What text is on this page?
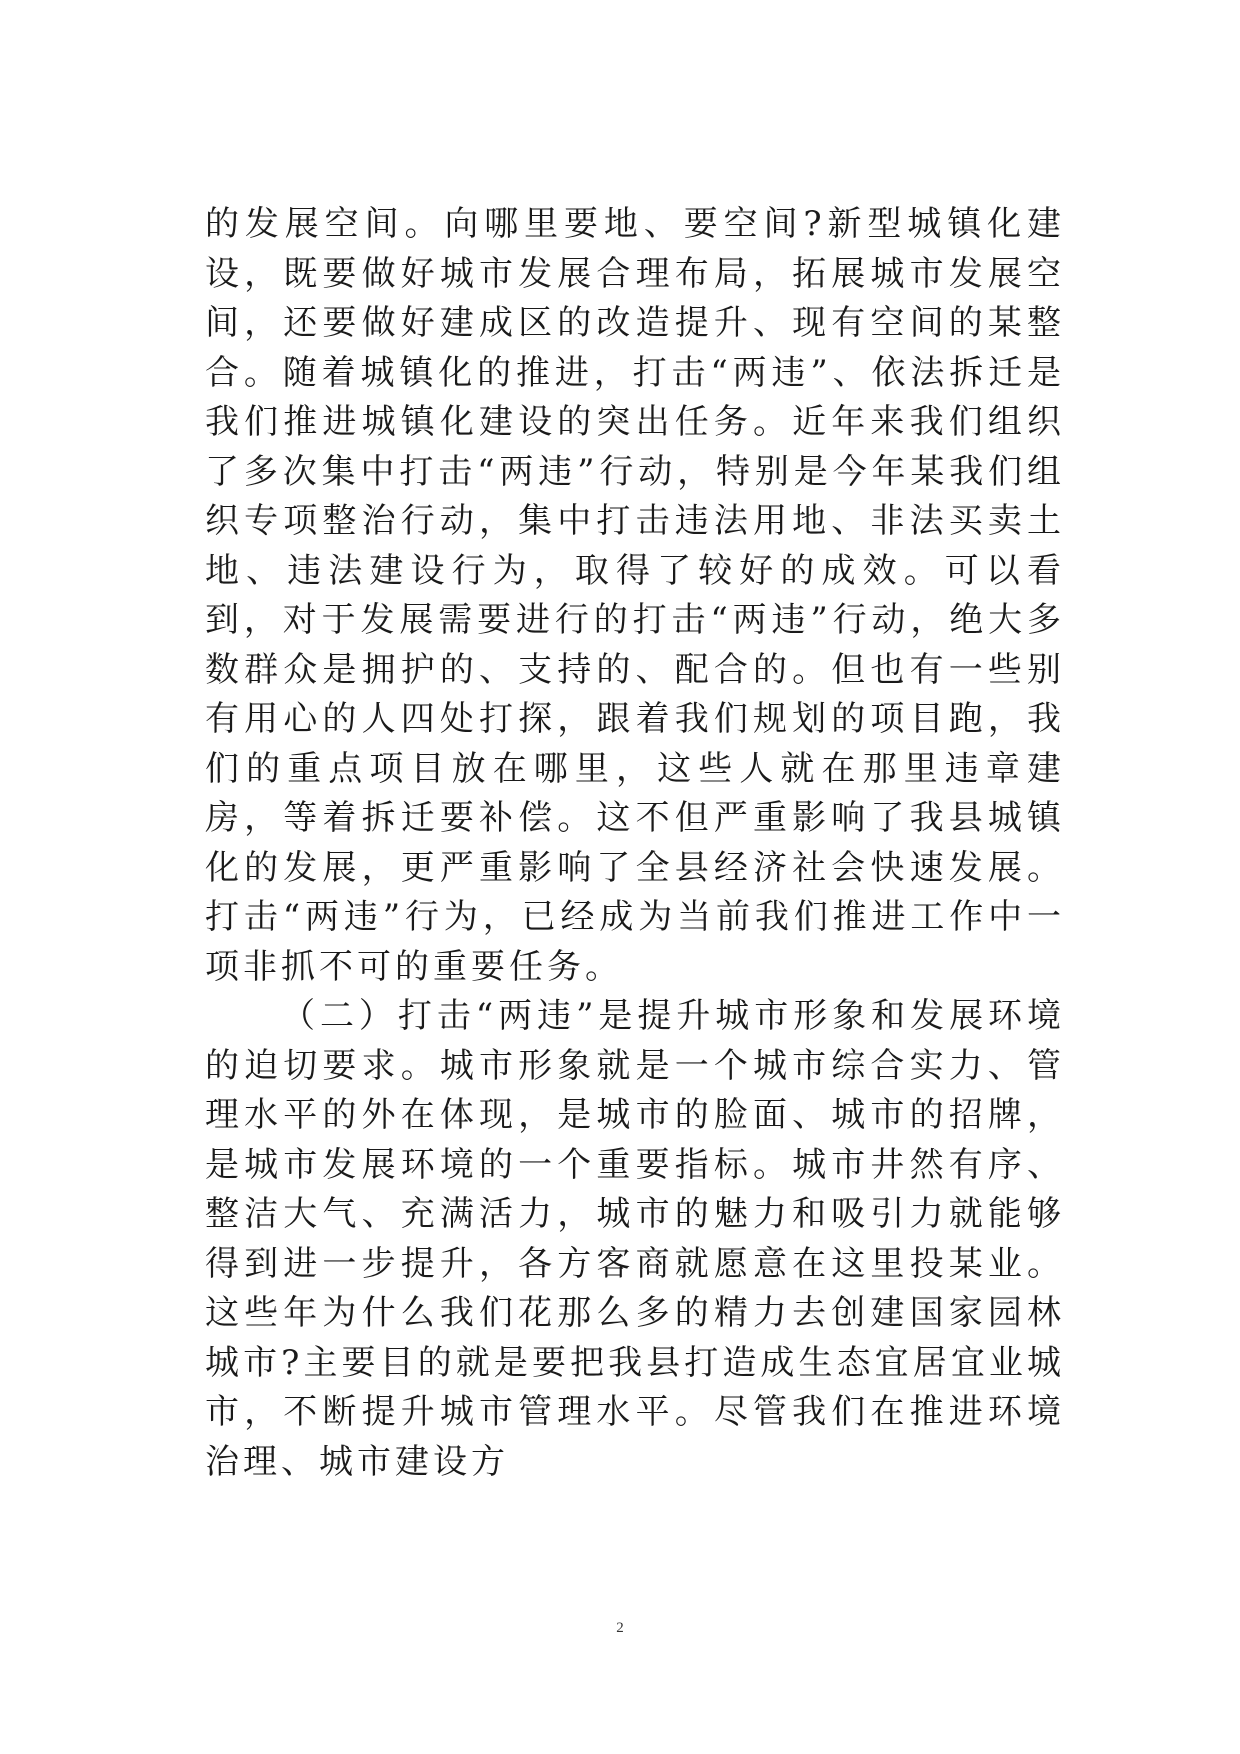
的发展空间。向哪里要地、要空间?新型城镇化建设，既要做好城市发展合理布局，拓展城市发展空间，还要做好建成区的改造提升、现有空间的某整合。随着城镇化的推进，打击“两违”、依法拆迁是我们推进城镇化建设的突出任务。近年来我们组织了多次集中打击“两违”行动，特别是今年某我们组织专项整治行动，集中打击违法用地、非法买卖土地、违法建设行为，取得了较好的成效。可以看到，对于发展需要进行的打击“两违”行动，绝大多数群众是拥护的、支持的、配合的。但也有一些别有用心的人四处打探，跟着我们规划的项目跑，我们的重点项目放在哪里，这些人就在那里违章建房，等着拆迁要补偿。这不但严重影响了我县城镇化的发展，更严重影响了全县经济社会快速发展。打击“两违”行为，已经成为当前我们推进工作中一项非抓不可的重要任务。

（二）打击“两违”是提升城市形象和发展环境的迫切要求。城市形象就是一个城市综合实力、管理水平的外在体现，是城市的脸面、城市的招牌，是城市发展环境的一个重要指标。城市井然有序、整洁大气、充满活力，城市的魅力和吸引力就能够得到进一步提升，各方客商就愿意在这里投某业。这些年为什么我们花那么多的精力去创建国家园林城市?主要目的就是要把我县打造成生态宜居宜业城市，不断提升城市管理水平。尽管我们在推进环境治理、城市建设方

2
